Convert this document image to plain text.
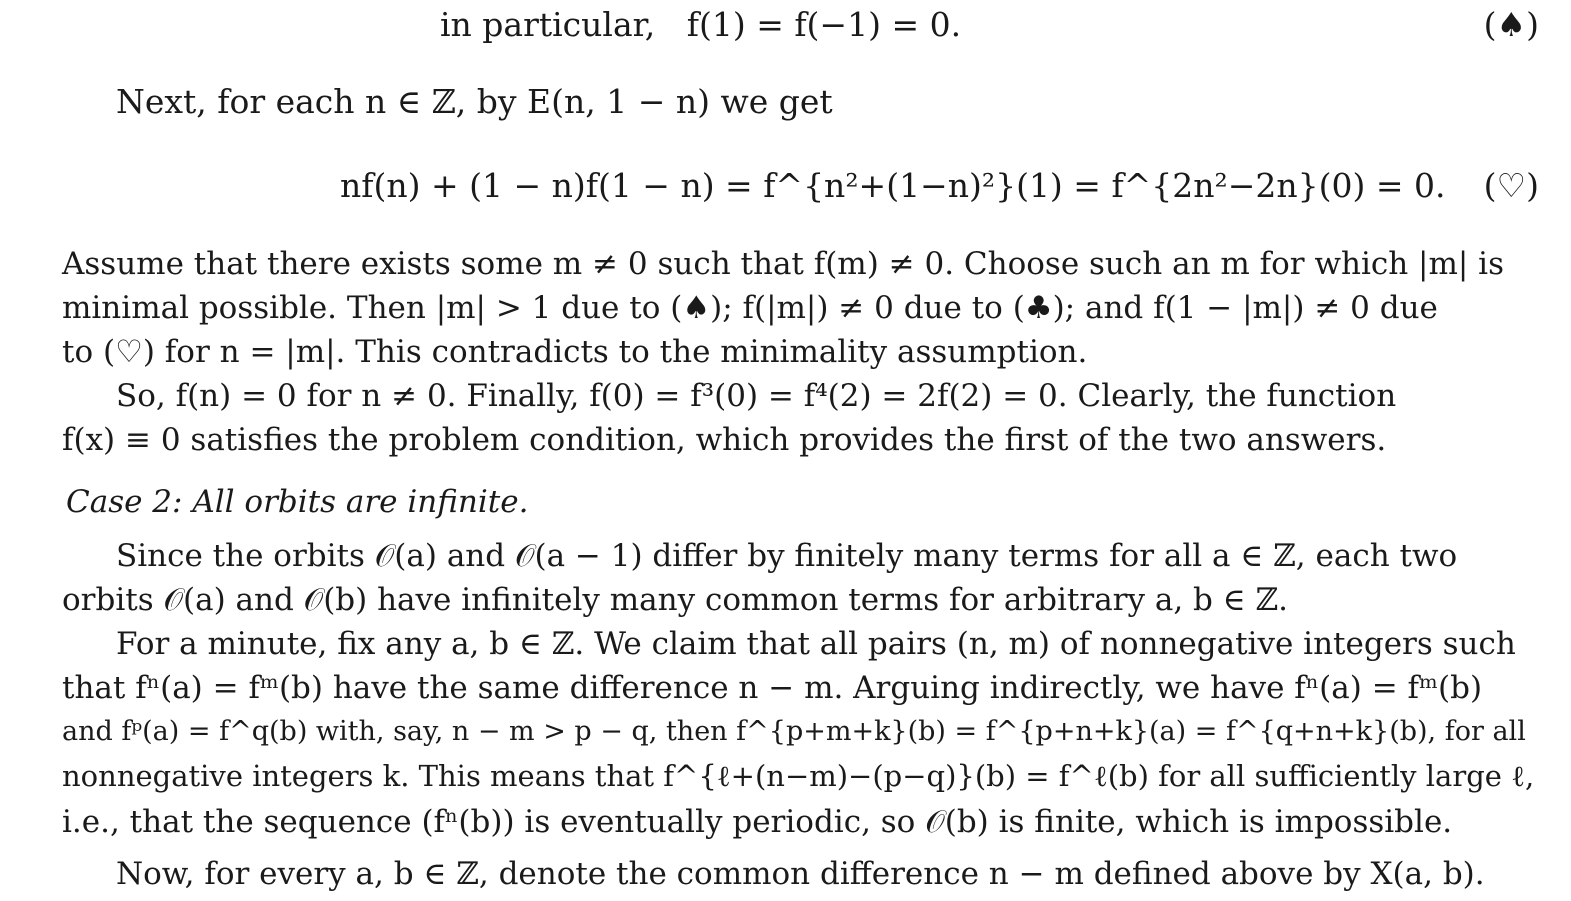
in particular,   f(1) = f(−1) = 0.	(♠)
Next, for each n ∈ ℤ, by E(n, 1 − n) we get
nf(n) + (1 − n)f(1 − n) = f^{n²+(1−n)²}(1) = f^{2n²−2n}(0) = 0. (♡)
Assume that there exists some m ≠ 0 such that f(m) ≠ 0. Choose such an m for which |m| is
minimal possible. Then |m| > 1 due to (♠); f(|m|) ≠ 0 due to (♣); and f(1 − |m|) ≠ 0 due
to (♡) for n = |m|. This contradicts to the minimality assumption.
So, f(n) = 0 for n ≠ 0. Finally, f(0) = f³(0) = f⁴(2) = 2f(2) = 0. Clearly, the function
f(x) ≡ 0 satisfies the problem condition, which provides the first of the two answers.
Case 2: All orbits are infinite.
Since the orbits 𝒪(a) and 𝒪(a − 1) differ by finitely many terms for all a ∈ ℤ, each two
orbits 𝒪(a) and 𝒪(b) have infinitely many common terms for arbitrary a, b ∈ ℤ.
For a minute, fix any a, b ∈ ℤ. We claim that all pairs (n, m) of nonnegative integers such
that fⁿ(a) = fᵐ(b) have the same difference n − m. Arguing indirectly, we have fⁿ(a) = fᵐ(b)
and fᵖ(a) = f^q(b) with, say, n − m > p − q, then f^{p+m+k}(b) = f^{p+n+k}(a) = f^{q+n+k}(b), for all
nonnegative integers k. This means that f^{ℓ+(n−m)−(p−q)}(b) = f^ℓ(b) for all sufficiently large ℓ,
i.e., that the sequence (fⁿ(b)) is eventually periodic, so 𝒪(b) is finite, which is impossible.
Now, for every a, b ∈ ℤ, denote the common difference n − m defined above by X(a, b).
